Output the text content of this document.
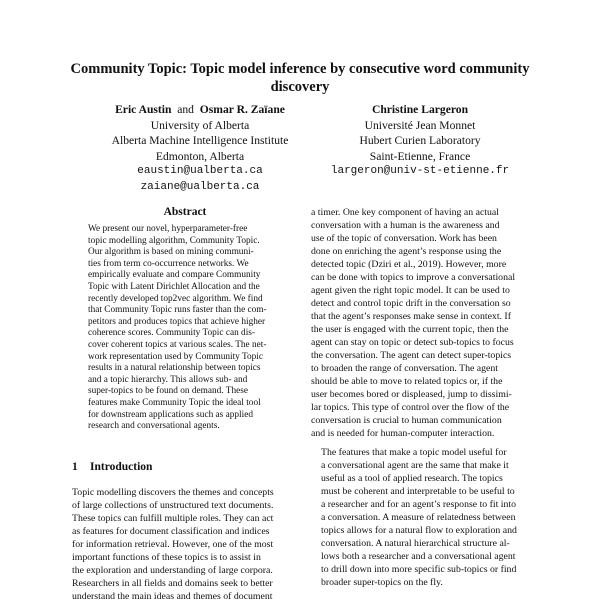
Community Topic: Topic model inference by consecutive word community discovery
Eric Austin and Osmar R. Zaïane
University of Alberta
Alberta Machine Intelligence Institute
Edmonton, Alberta
eaustin@ualberta.ca
zaiane@ualberta.ca
Christine Largeron
Université Jean Monnet
Hubert Curien Laboratory
Saint-Etienne, France
largeron@univ-st-etienne.fr
Abstract
We present our novel, hyperparameter-free
topic modelling algorithm, Community Topic.
Our algorithm is based on mining communi-
ties from term co-occurrence networks. We
empirically evaluate and compare Community
Topic with Latent Dirichlet Allocation and the
recently developed top2vec algorithm. We find
that Community Topic runs faster than the com-
petitors and produces topics that achieve higher
coherence scores. Community Topic can dis-
cover coherent topics at various scales. The net-
work representation used by Community Topic
results in a natural relationship between topics
and a topic hierarchy. This allows sub- and
super-topics to be found on demand. These
features make Community Topic the ideal tool
for downstream applications such as applied
research and conversational agents.
1 Introduction
Topic modelling discovers the themes and concepts
of large collections of unstructured text documents.
These topics can fulfill multiple roles. They can act
as features for document classification and indices
for information retrieval. However, one of the most
important functions of these topics is to assist in
the exploration and understanding of large corpora.
Researchers in all fields and domains seek to better
understand the main ideas and themes of document

a timer. One key component of having an actual
conversation with a human is the awareness and
use of the topic of conversation. Work has been
done on enriching the agent’s response using the
detected topic (Dziri et al., 2019). However, more
can be done with topics to improve a conversational
agent given the right topic model. It can be used to
detect and control topic drift in the conversation so
that the agent’s responses make sense in context. If
the user is engaged with the current topic, then the
agent can stay on topic or detect sub-topics to focus
the conversation. The agent can detect super-topics
to broaden the range of conversation. The agent
should be able to move to related topics or, if the
user becomes bored or displeased, jump to dissimi-
lar topics. This type of control over the flow of the
conversation is crucial to human communication
and is needed for human-computer interaction.

The features that make a topic model useful for
a conversational agent are the same that make it
useful as a tool of applied research. The topics
must be coherent and interpretable to be useful to
a researcher and for an agent’s response to fit into
a conversation. A measure of relatedness between
topics allows for a natural flow to exploration and
conversation. A natural hierarchical structure al-
lows both a researcher and a conversational agent
to drill down into more specific sub-topics or find
broader super-topics on the fly.
